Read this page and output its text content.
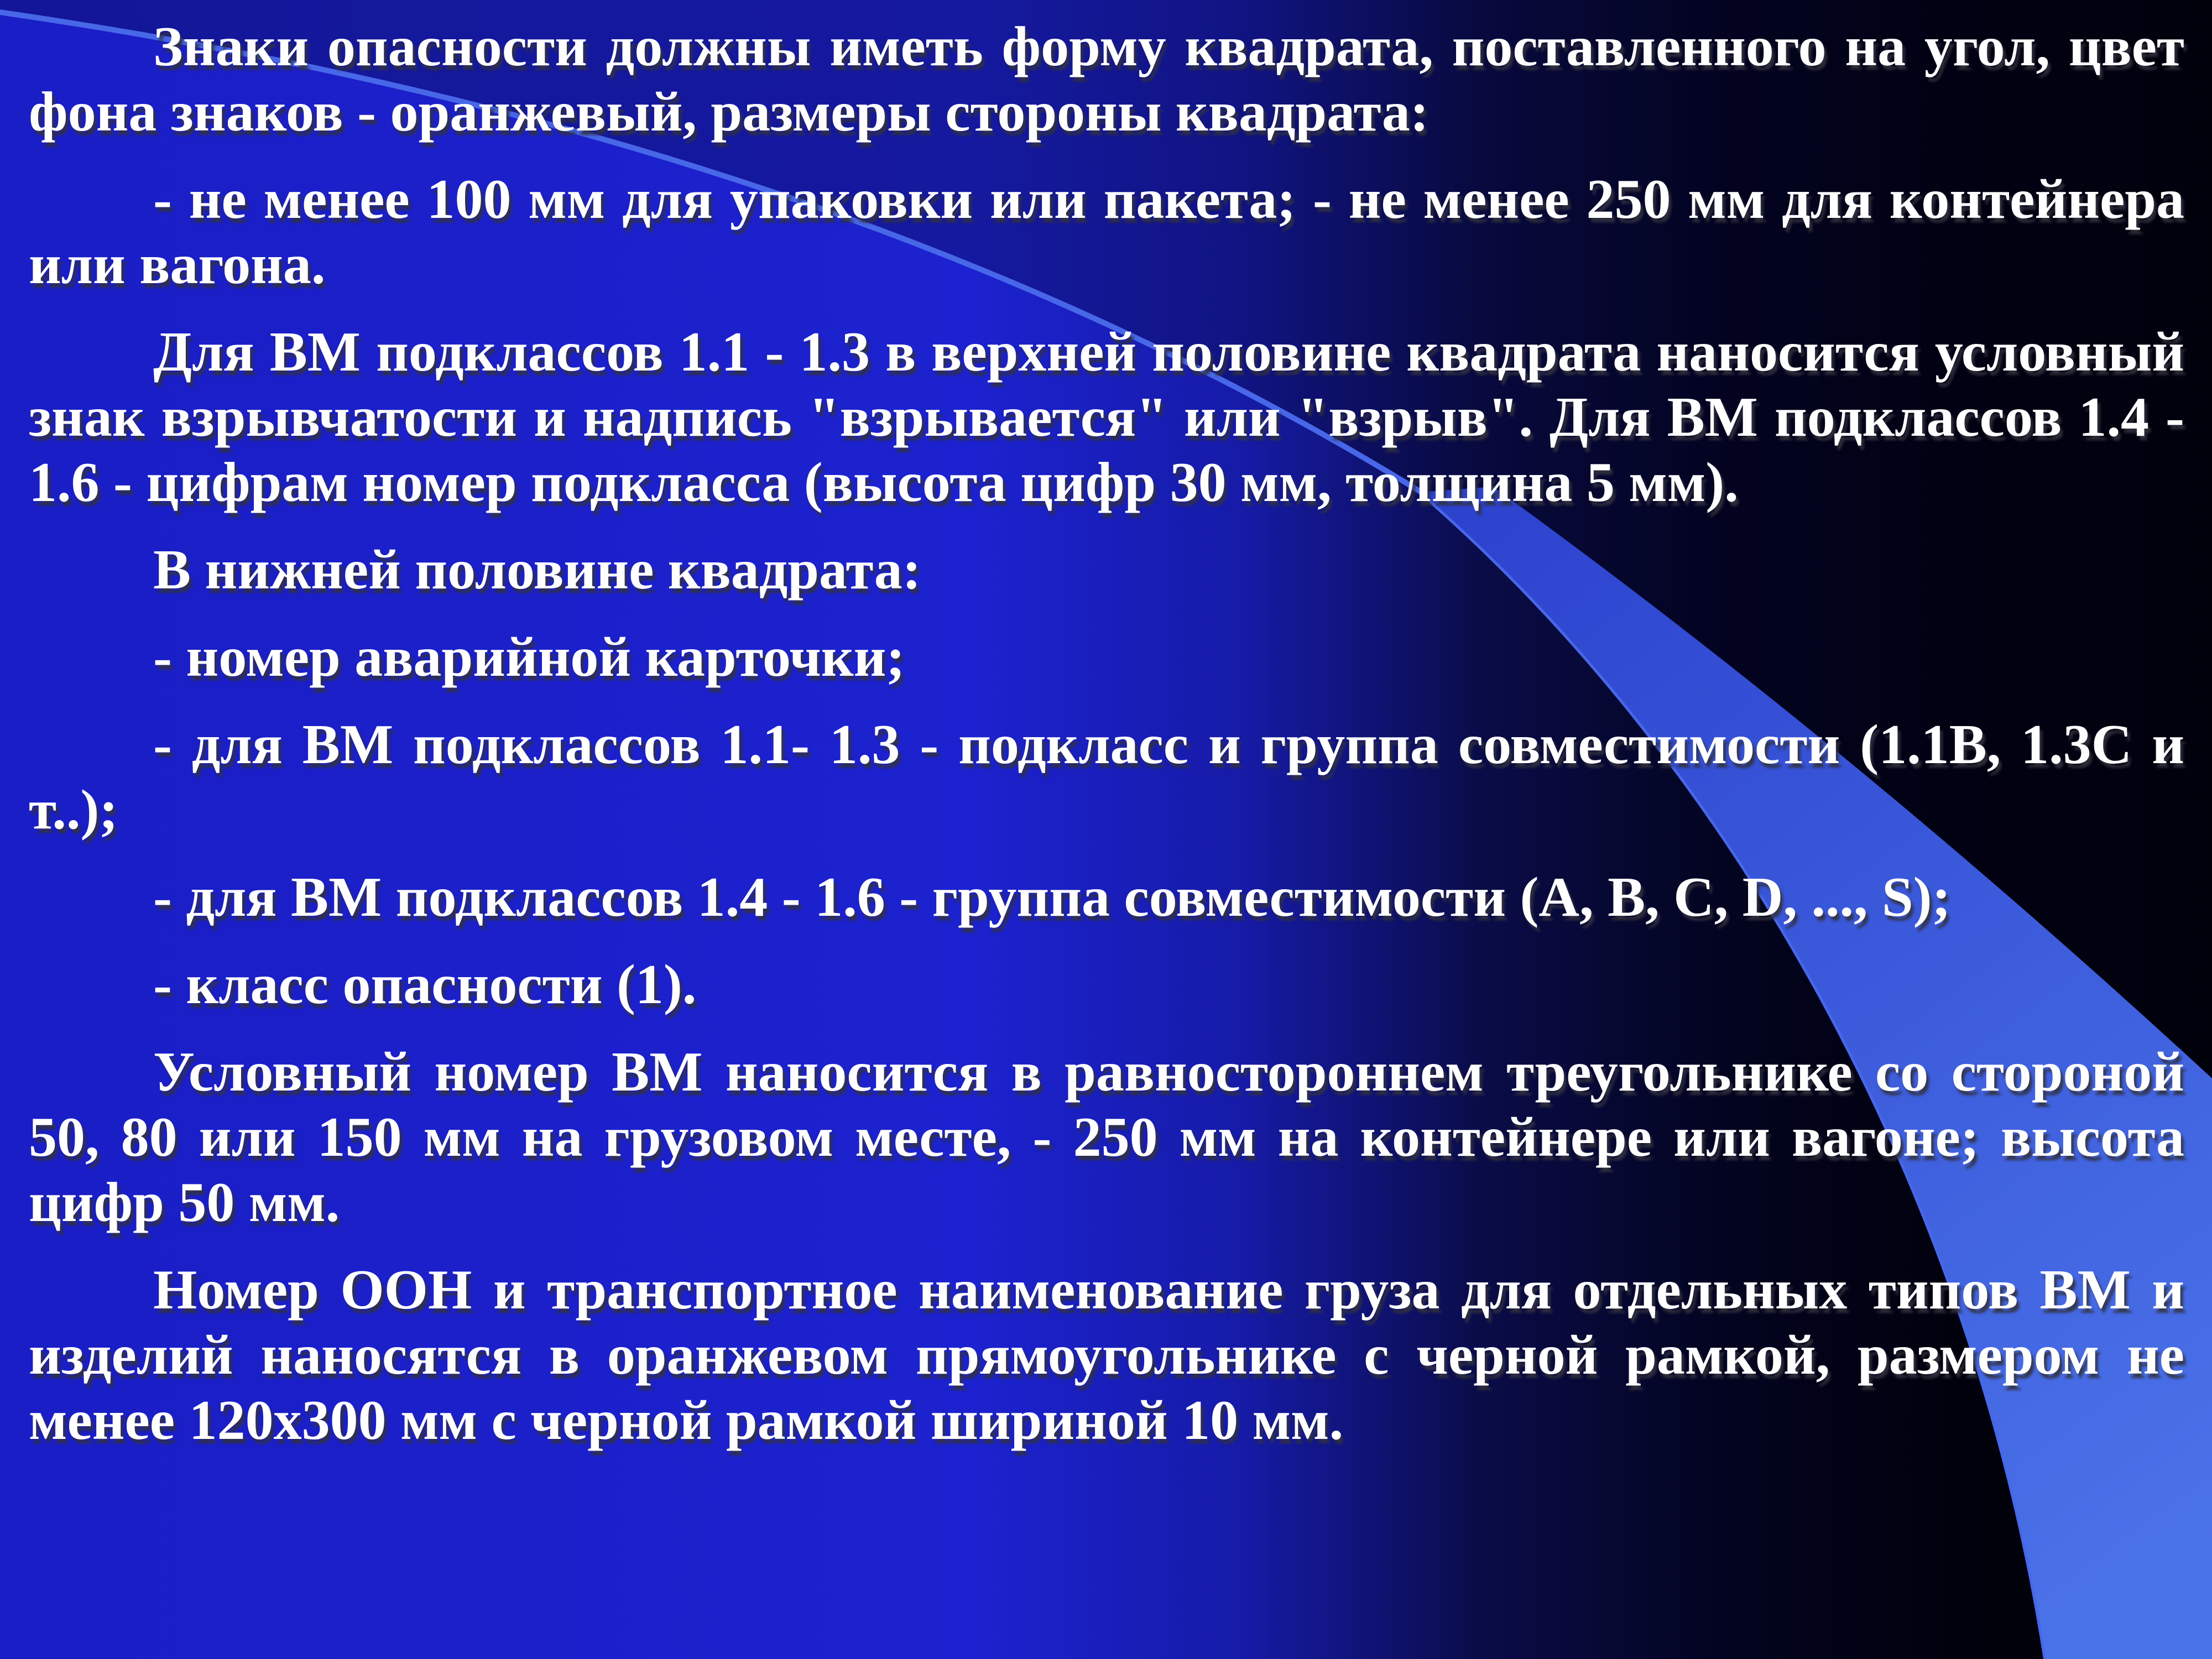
Знаки опасности должны иметь форму квадрата, поставленного на угол, цвет фона знаков - оранжевый, размеры стороны квадрата:

- не менее 100 мм для упаковки или пакета; - не менее 250 мм для контейнера или вагона.

Для ВМ подклассов 1.1 - 1.3 в верхней половине квадрата наносится условный знак взрывчатости и надпись "взрывается" или "взрыв". Для ВМ подклассов 1.4 - 1.6 - цифрам номер подкласса (высота цифр 30 мм, толщина 5 мм).

В нижней половине квадрата:

- номер аварийной карточки;

- для ВМ подклассов 1.1- 1.3 - подкласс и группа совместимости (1.1В, 1.3С и т..);

- для ВМ подклассов 1.4 - 1.6 - группа совместимости (А, В, С, D, ..., S);

- класс опасности (1).

Условный номер ВМ наносится в равностороннем треугольнике со стороной 50, 80 или 150 мм на грузовом месте, - 250 мм на контейнере или вагоне; высота цифр 50 мм.

Номер ООН и транспортное наименование груза для отдельных типов ВМ и изделий наносятся в оранжевом прямоугольнике с черной рамкой, размером не менее 120х300 мм с черной рамкой шириной 10 мм.
